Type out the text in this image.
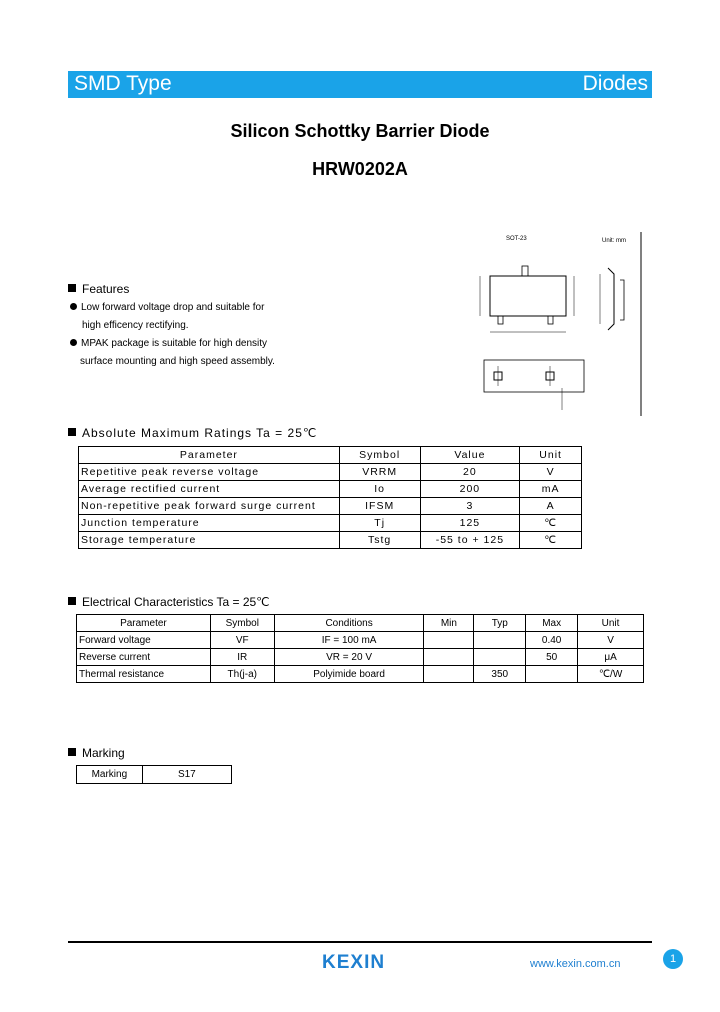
SMD Type	Diodes
Silicon Schottky Barrier Diode
HRW0202A
SOT-23	Unit: mm
Features
Low forward voltage drop and suitable for
high efficency rectifying.
MPAK package is suitable for high density
surface mounting and high speed assembly.
Absolute Maximum Ratings Ta = 25℃
Parameter	Symbol	Value	Unit
Repetitive peak reverse voltage	VRRM	20	V
Average rectified current	Io	200	mA
Non-repetitive peak forward surge current	IFSM	3	A
Junction temperature	Tj	125	℃
Storage temperature	Tstg	-55 to + 125	℃
Electrical Characteristics Ta = 25℃
Parameter	Symbol	Conditions	Min	Typ	Max	Unit
Forward voltage	VF	IF = 100 mA			0.40	V
Reverse current	IR	VR = 20 V			50	μA
Thermal resistance	Th(j-a)	Polyimide board		350		℃/W
Marking
Marking	S17
KEXIN	www.kexin.com.cn	1
